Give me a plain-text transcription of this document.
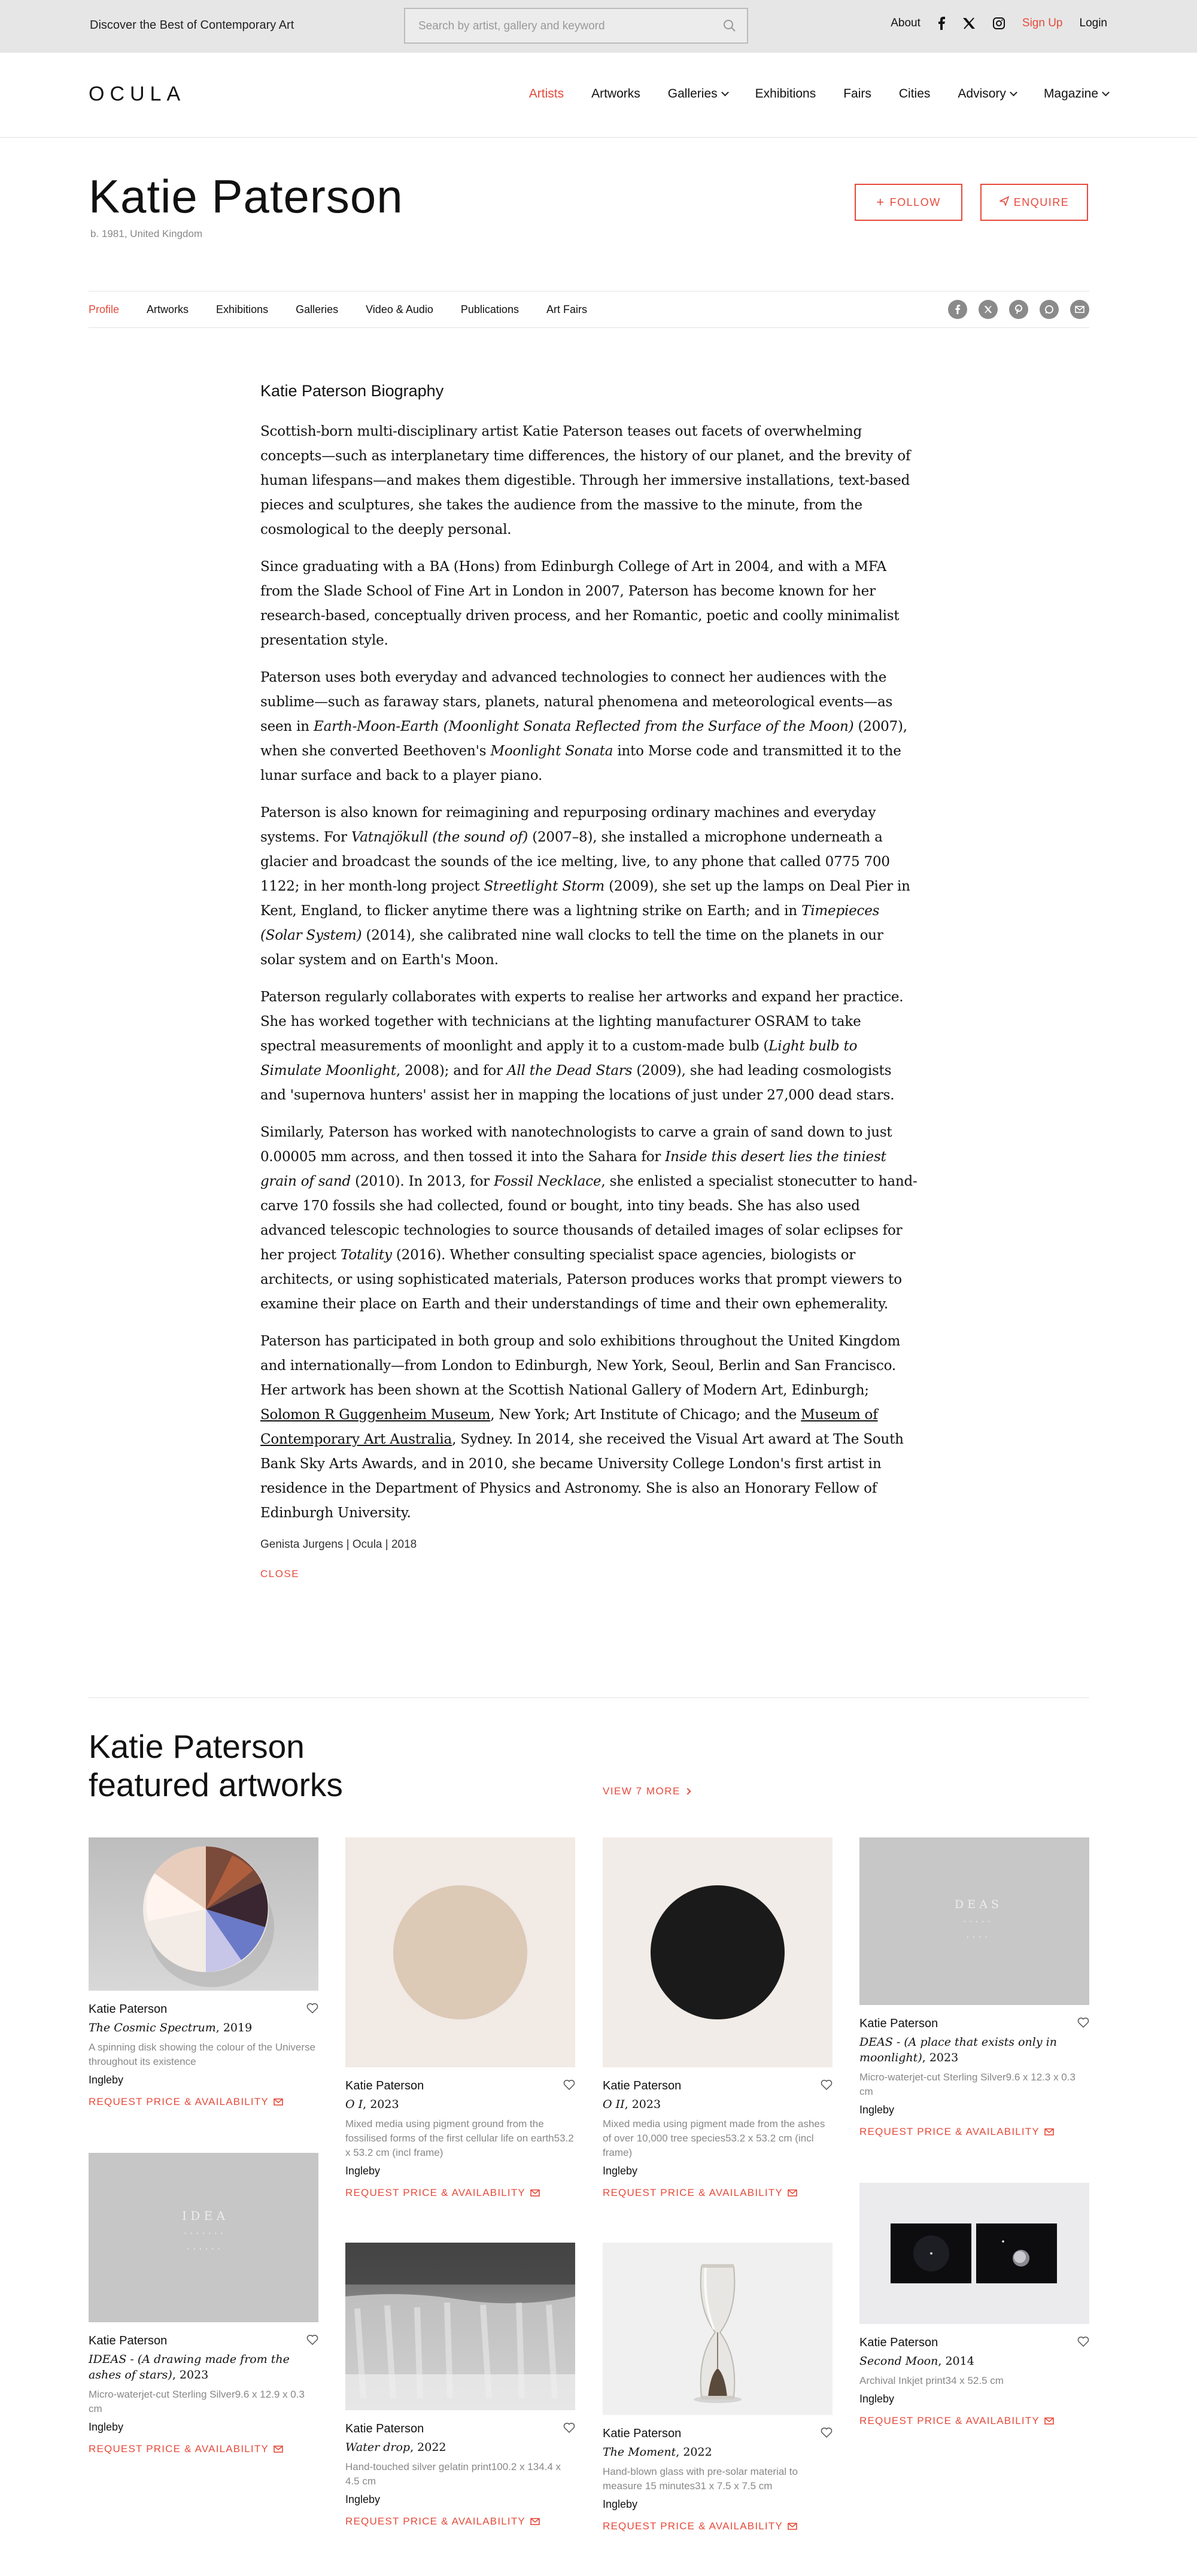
Discover the Best of Contemporary Art
Search by artist, gallery and keyword	About	Sign Up Login
OCULA	Artists Artworks Galleries	Exhibitions Fairs Cities Advisory	Magazine
Katie Paterson
b. 1981, United Kingdom
+ FOLLOW	ENQUIRE
Profile	Artworks	Exhibitions	Galleries	Video & Audio	Publications	Art Fairs
Katie Paterson Biography

Scottish-born multi-disciplinary artist Katie Paterson teases out facets of overwhelming concepts—such as interplanetary time differences, the history of our planet, and the brevity of human lifespans—and makes them digestible. Through her immersive installations, text-based pieces and sculptures, she takes the audience from the massive to the minute, from the cosmological to the deeply personal.

Since graduating with a BA (Hons) from Edinburgh College of Art in 2004, and with a MFA from the Slade School of Fine Art in London in 2007, Paterson has become known for her research-based, conceptually driven process, and her Romantic, poetic and coolly minimalist presentation style.

Paterson uses both everyday and advanced technologies to connect her audiences with the sublime—such as faraway stars, planets, natural phenomena and meteorological events—as seen in Earth-Moon-Earth (Moonlight Sonata Reflected from the Surface of the Moon) (2007), when she converted Beethoven's Moonlight Sonata into Morse code and transmitted it to the lunar surface and back to a player piano.

Paterson is also known for reimagining and repurposing ordinary machines and everyday systems. For Vatnajökull (the sound of) (2007–8), she installed a microphone underneath a glacier and broadcast the sounds of the ice melting, live, to any phone that called 0775 700 1122; in her month-long project Streetlight Storm (2009), she set up the lamps on Deal Pier in Kent, England, to flicker anytime there was a lightning strike on Earth; and in Timepieces (Solar System) (2014), she calibrated nine wall clocks to tell the time on the planets in our solar system and on Earth's Moon.

Paterson regularly collaborates with experts to realise her artworks and expand her practice. She has worked together with technicians at the lighting manufacturer OSRAM to take spectral measurements of moonlight and apply it to a custom-made bulb (Light bulb to Simulate Moonlight, 2008); and for All the Dead Stars (2009), she had leading cosmologists and 'supernova hunters' assist her in mapping the locations of just under 27,000 dead stars.

Similarly, Paterson has worked with nanotechnologists to carve a grain of sand down to just 0.00005 mm across, and then tossed it into the Sahara for Inside this desert lies the tiniest grain of sand (2010). In 2013, for Fossil Necklace, she enlisted a specialist stonecutter to hand-carve 170 fossils she had collected, found or bought, into tiny beads. She has also used advanced telescopic technologies to source thousands of detailed images of solar eclipses for her project Totality (2016). Whether consulting specialist space agencies, biologists or architects, or using sophisticated materials, Paterson produces works that prompt viewers to examine their place on Earth and their understandings of time and their own ephemerality.

Paterson has participated in both group and solo exhibitions throughout the United Kingdom and internationally—from London to Edinburgh, New York, Seoul, Berlin and San Francisco. Her artwork has been shown at the Scottish National Gallery of Modern Art, Edinburgh; Solomon R Guggenheim Museum, New York; Art Institute of Chicago; and the Museum of Contemporary Art Australia, Sydney. In 2014, she received the Visual Art award at The South Bank Sky Arts Awards, and in 2010, she became University College London's first artist in residence in the Department of Physics and Astronomy. She is also an Honorary Fellow of Edinburgh University.

Genista Jurgens | Ocula | 2018
CLOSE
Katie Paterson featured artworks	VIEW 7 MORE
Katie Paterson
The Cosmic Spectrum, 2019
A spinning disk showing the colour of the Universe throughout its existence
Ingleby
REQUEST PRICE & AVAILABILITY
I D E A
· · · · · · ·
· · · · · ·
Katie Paterson
IDEAS - (A drawing made from the ashes of stars), 2023
Micro-waterjet-cut Sterling Silver9.6 x 12.9 x 0.3 cm
Ingleby
REQUEST PRICE & AVAILABILITY
Katie Paterson
O I, 2023
Mixed media using pigment ground from the fossilised forms of the first cellular life on earth53.2 x 53.2 cm (incl frame)
Ingleby
REQUEST PRICE & AVAILABILITY
Katie Paterson
Water drop, 2022
Hand-touched silver gelatin print100.2 x 134.4 x 4.5 cm
Ingleby
REQUEST PRICE & AVAILABILITY
Katie Paterson
O II, 2023
Mixed media using pigment made from the ashes of over 10,000 tree species53.2 x 53.2 cm (incl frame)
Ingleby
REQUEST PRICE & AVAILABILITY
Katie Paterson
The Moment, 2022
Hand-blown glass with pre-solar material to measure 15 minutes31 x 7.5 x 7.5 cm
Ingleby
REQUEST PRICE & AVAILABILITY
D E A S
· · · · ·
· · · ·
Katie Paterson
DEAS - (A place that exists only in moonlight), 2023
Micro-waterjet-cut Sterling Silver9.6 x 12.3 x 0.3 cm
Ingleby
REQUEST PRICE & AVAILABILITY
Katie Paterson
Second Moon, 2014
Archival Inkjet print34 x 52.5 cm
Ingleby
REQUEST PRICE & AVAILABILITY
